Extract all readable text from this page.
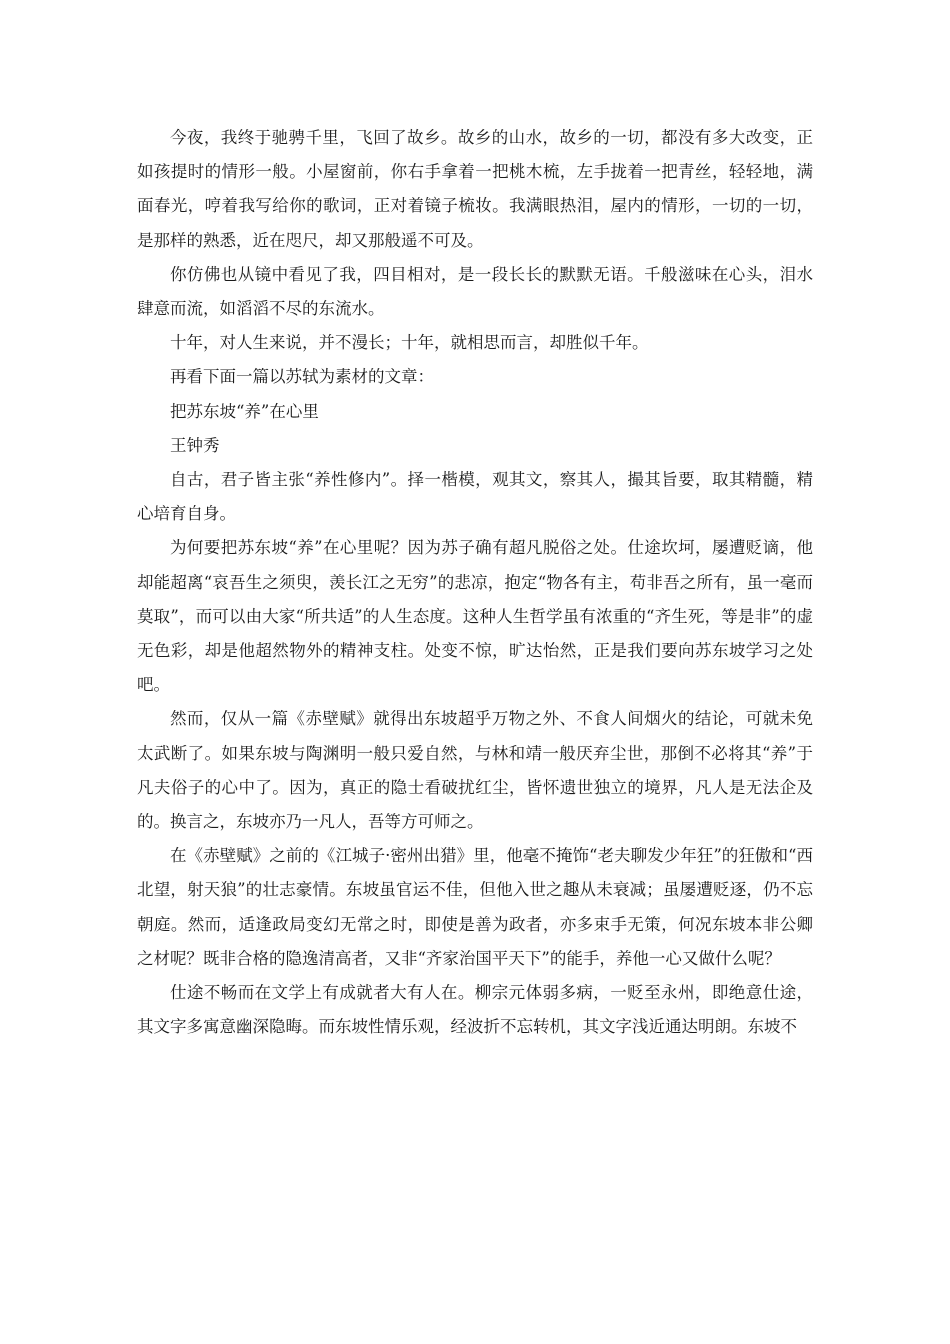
今夜，我终于驰骋千里，飞回了故乡。故乡的山水，故乡的一切，都没有多大改变，正如孩提时的情形一般。小屋窗前，你右手拿着一把桃木梳，左手拢着一把青丝，轻轻地，满面春光，哼着我写给你的歌词，正对着镜子梳妆。我满眼热泪，屋内的情形，一切的一切，是那样的熟悉，近在咫尺，却又那般遥不可及。

你仿佛也从镜中看见了我，四目相对，是一段长长的默默无语。千般滋味在心头，泪水肆意而流，如滔滔不尽的东流水。

十年，对人生来说，并不漫长；十年，就相思而言，却胜似千年。

再看下面一篇以苏轼为素材的文章：

把苏东坡“养”在心里

王钟秀

自古，君子皆主张“养性修内”。择一楷模，观其文，察其人，撮其旨要，取其精髓，精心培育自身。

为何要把苏东坡“养”在心里呢？因为苏子确有超凡脱俗之处。仕途坎坷，屡遭贬谪，他却能超离“哀吾生之须臾，羡长江之无穷”的悲凉，抱定“物各有主，苟非吾之所有，虽一毫而莫取”，而可以由大家“所共适”的人生态度。这种人生哲学虽有浓重的“齐生死，等是非”的虚无色彩，却是他超然物外的精神支柱。处变不惊，旷达怡然，正是我们要向苏东坡学习之处吧。

然而，仅从一篇《赤壁赋》就得出东坡超乎万物之外、不食人间烟火的结论，可就未免太武断了。如果东坡与陶渊明一般只爱自然，与林和靖一般厌弃尘世，那倒不必将其“养”于凡夫俗子的心中了。因为，真正的隐士看破扰红尘，皆怀遗世独立的境界，凡人是无法企及的。换言之，东坡亦乃一凡人，吾等方可师之。

在《赤壁赋》之前的《江城子·密州出猎》里，他毫不掩饰“老夫聊发少年狂”的狂傲和“西北望，射天狼”的壮志豪情。东坡虽官运不佳，但他入世之趣从未衰减；虽屡遭贬逐，仍不忘朝庭。然而，适逢政局变幻无常之时，即使是善为政者，亦多束手无策，何况东坡本非公卿之材呢？既非合格的隐逸清高者，又非“齐家治国平天下”的能手，养他一心又做什么呢？

仕途不畅而在文学上有成就者大有人在。柳宗元体弱多病，一贬至永州，即绝意仕途，其文字多寓意幽深隐晦。而东坡性情乐观，经波折不忘转机，其文字浅近通达明朗。东坡不
